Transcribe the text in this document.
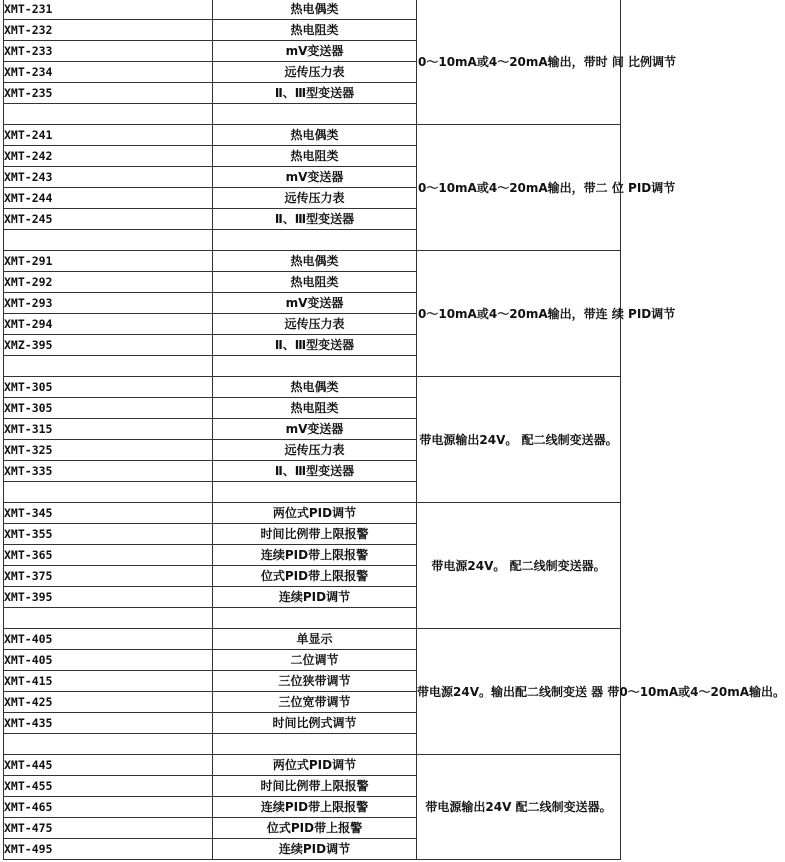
XMT-231	热电偶类	0～10mA或4～20mA输出，带时 间 比例调节
XMT-232	热电阻类	
XMT-233	mV变送器	
XMT-234	远传压力表	
XMT-235	Ⅱ、Ⅲ型变送器	

XMT-241	热电偶类	0～10mA或4～20mA输出，带二 位 PID调节
XMT-242	热电阻类	
XMT-243	mV变送器	
XMT-244	远传压力表	
XMT-245	Ⅱ、Ⅲ型变送器	

XMT-291	热电偶类	0～10mA或4～20mA输出，带连 续 PID调节
XMT-292	热电阻类	
XMT-293	mV变送器	
XMT-294	远传压力表	
XMZ-395	Ⅱ、Ⅲ型变送器	

XMT-305	热电偶类	带电源输出24V。 配二线制变送器。
XMT-305	热电阻类	
XMT-315	mV变送器	
XMT-325	远传压力表	
XMT-335	Ⅱ、Ⅲ型变送器	

XMT-345	两位式PID调节	带电源24V。 配二线制变送器。
XMT-355	时间比例带上限报警	
XMT-365	连续PID带上限报警	
XMT-375	位式PID带上限报警	
XMT-395	连续PID调节	

XMT-405	单显示	带电源24V。输出配二线制变送 器 带0～10mA或4～20mA输出。
XMT-405	二位调节	
XMT-415	三位狭带调节	
XMT-425	三位宽带调节	
XMT-435	时间比例式调节	

XMT-445	两位式PID调节	带电源输出24V 配二线制变送器。
XMT-455	时间比例带上限报警	
XMT-465	连续PID带上限报警	
XMT-475	位式PID带上报警	
XMT-495	连续PID调节	
